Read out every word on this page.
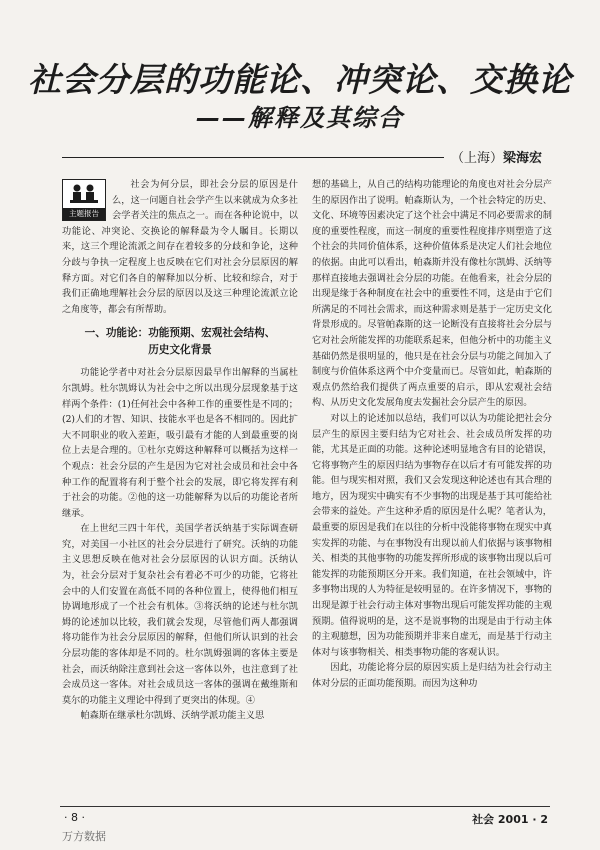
社会分层的功能论、冲突论、交换论
——解释及其综合
（上海）梁海宏
主题报告

社会为何分层，即社会分层的原因是什么，这一问题自社会学产生以来就成为众多社会学者关注的焦点之一。而在各种论说中，以功能论、冲突论、交换论的解释最为令人瞩目。长期以来，这三个理论流派之间存在着较多的分歧和争论，这种分歧与争执一定程度上也反映在它们对社会分层原因的解释方面。对它们各自的解释加以分析、比较和综合，对于我们正确地理解社会分层的原因以及这三种理论流派立论之角度等，都会有所帮助。

一、功能论：功能预期、宏观社会结构、
历史文化背景

功能论学者中对社会分层原因最早作出解释的当属杜尔凯姆。杜尔凯姆认为社会中之所以出现分层现象基于这样两个条件：(1)任何社会中各种工作的重要性是不同的；(2)人们的才智、知识、技能水平也是各不相同的。因此扩大不同职业的收入差距，吸引最有才能的人到最重要的岗位上去是合理的。①杜尔克姆这种解释可以概括为这样一个观点：社会分层的产生是因为它对社会成员和社会中各种工作的配置将有利于整个社会的发展，即它将发挥有利于社会的功能。②他的这一功能解释为以后的功能论者所继承。

在上世纪三四十年代，美国学者沃纳基于实际调查研究，对美国一小社区的社会分层进行了研究。沃纳的功能主义思想反映在他对社会分层原因的认识方面。沃纳认为，社会分层对于复杂社会有着必不可少的功能，它将社会中的人们安置在高低不同的各种位置上，使得他们相互协调地形成了一个社会有机体。③将沃纳的论述与杜尔凯姆的论述加以比较，我们就会发现，尽管他们两人都强调将功能作为社会分层原因的解释，但他们所认识到的社会分层功能的客体却是不同的。杜尔凯姆强调的客体主要是社会，而沃纳除注意到社会这一客体以外，也注意到了社会成员这一客体。对社会成员这一客体的强调在戴维斯和莫尔的功能主义理论中得到了更突出的体现。④

帕森斯在继承杜尔凯姆、沃纳学派功能主义思

想的基础上，从自己的结构功能理论的角度也对社会分层产生的原因作出了说明。帕森斯认为，一个社会特定的历史、文化、环境等因素决定了这个社会中满足不同必要需求的制度的重要性程度，而这一制度的重要性程度排序则塑造了这个社会的共同价值体系，这种价值体系是决定人们社会地位的依据。由此可以看出，帕森斯并没有像杜尔凯姆、沃纳等那样直接地去强调社会分层的功能。在他看来，社会分层的出现是缘于各种制度在社会中的重要性不同，这是由于它们所满足的不同社会需求，而这种需求则是基于一定历史文化背景形成的。尽管帕森斯的这一论断没有直接将社会分层与它对社会所能发挥的功能联系起来，但他分析中的功能主义基础仍然是很明显的，他只是在社会分层与功能之间加入了制度与价值体系这两个中介变量而已。尽管如此，帕森斯的观点仍然给我们提供了两点重要的启示，即从宏观社会结构、从历史文化发展角度去发掘社会分层产生的原因。

对以上的论述加以总结，我们可以认为功能论把社会分层产生的原因主要归结为它对社会、社会成员所发挥的功能，尤其是正面的功能。这种论述明显地含有目的论错误，它将事物产生的原因归结为事物存在以后才有可能发挥的功能。但与现实相对照，我们又会发现这种论述也有其合理的地方，因为现实中确实有不少事物的出现是基于其可能给社会带来的益处。产生这种矛盾的原因是什么呢？笔者认为，最重要的原因是我们在以往的分析中没能将事物在现实中真实发挥的功能、与在事物没有出现以前人们依据与该事物相关、相类的其他事物的功能发挥所形成的该事物出现以后可能发挥的功能预期区分开来。我们知道，在社会领域中，许多事物出现的人为特征是较明显的。在许多情况下，事物的出现是源于社会行动主体对事物出现后可能发挥功能的主观预期。值得说明的是，这不是说事物的出现是由于行动主体的主观臆想，因为功能预期并非来自虚无，而是基于行动主体对与该事物相关、相类事物功能的客观认识。

因此，功能论将分层的原因实质上是归结为社会行动主体对分层的正面功能预期。而因为这种功

· 8 ·	社会 2001 · 2
万方数据
